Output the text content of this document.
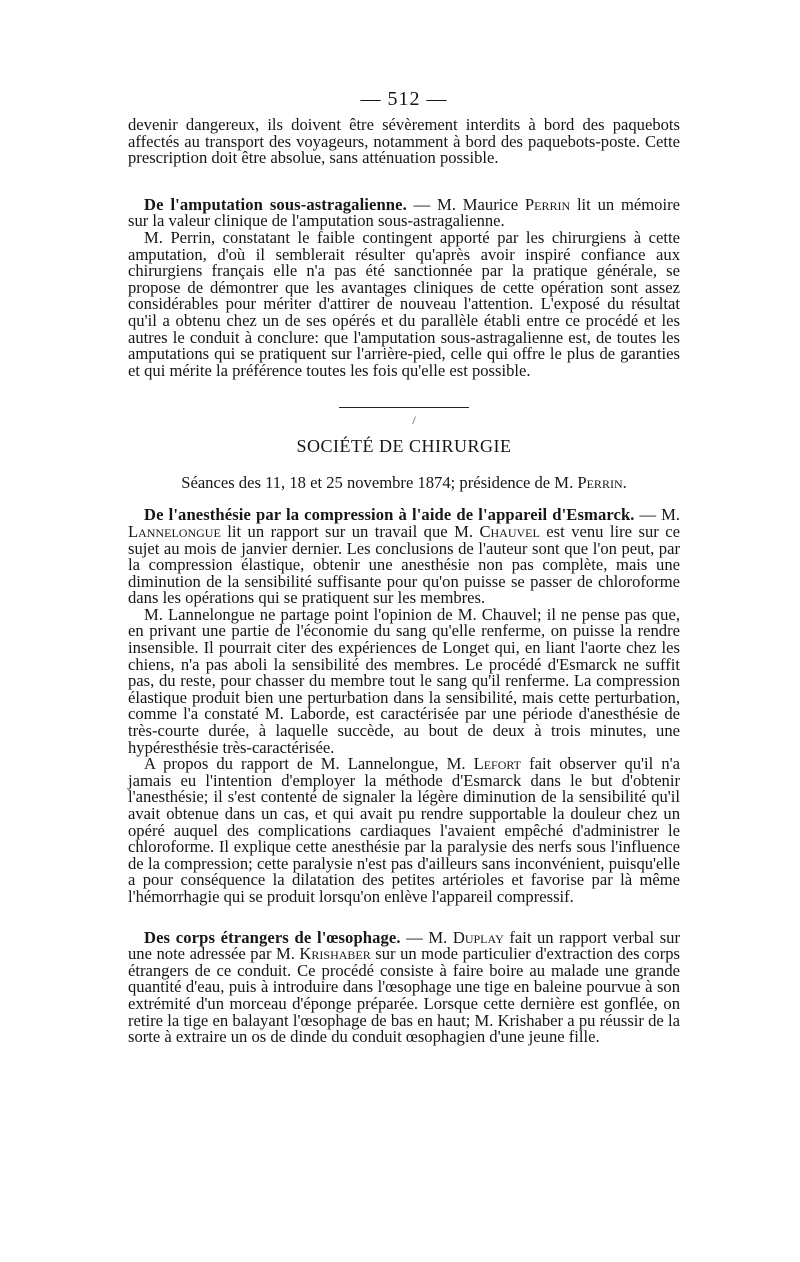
— 512 —

devenir dangereux, ils doivent être sévèrement interdits à bord des paquebots affectés au transport des voyageurs, notamment à bord des paquebots-poste. Cette prescription doit être absolue, sans atténuation possible.

De l'amputation sous-astragalienne. — M. Maurice Perrin lit un mémoire sur la valeur clinique de l'amputation sous-astragalienne.

M. Perrin, constatant le faible contingent apporté par les chirurgiens à cette amputation, d'où il semblerait résulter qu'après avoir inspiré confiance aux chirurgiens français elle n'a pas été sanctionnée par la pratique générale, se propose de démontrer que les avantages cliniques de cette opération sont assez considérables pour mériter d'attirer de nouveau l'attention. L'exposé du résultat qu'il a obtenu chez un de ses opérés et du parallèle établi entre ce procédé et les autres le conduit à conclure: que l'amputation sous-astragalienne est, de toutes les amputations qui se pratiquent sur l'arrière-pied, celle qui offre le plus de garanties et qui mérite la préférence toutes les fois qu'elle est possible.

/
SOCIÉTÉ DE CHIRURGIE
Séances des 11, 18 et 25 novembre 1874; présidence de M. Perrin.

De l'anesthésie par la compression à l'aide de l'appareil d'Esmarck. — M. Lannelongue lit un rapport sur un travail que M. Chauvel est venu lire sur ce sujet au mois de janvier dernier. Les conclusions de l'auteur sont que l'on peut, par la compression élastique, obtenir une anesthésie non pas complète, mais une diminution de la sensibilité suffisante pour qu'on puisse se passer de chloroforme dans les opérations qui se pratiquent sur les membres.

M. Lannelongue ne partage point l'opinion de M. Chauvel; il ne pense pas que, en privant une partie de l'économie du sang qu'elle renferme, on puisse la rendre insensible. Il pourrait citer des expériences de Longet qui, en liant l'aorte chez les chiens, n'a pas aboli la sensibilité des membres. Le procédé d'Esmarck ne suffit pas, du reste, pour chasser du membre tout le sang qu'il renferme. La compression élastique produit bien une perturbation dans la sensibilité, mais cette perturbation, comme l'a constaté M. Laborde, est caractérisée par une période d'anesthésie de très-courte durée, à laquelle succède, au bout de deux à trois minutes, une hypéresthésie très-caractérisée.

A propos du rapport de M. Lannelongue, M. Lefort fait observer qu'il n'a jamais eu l'intention d'employer la méthode d'Esmarck dans le but d'obtenir l'anesthésie; il s'est contenté de signaler la légère diminution de la sensibilité qu'il avait obtenue dans un cas, et qui avait pu rendre supportable la douleur chez un opéré auquel des complications cardiaques l'avaient empêché d'administrer le chloroforme. Il explique cette anesthésie par la paralysie des nerfs sous l'influence de la compression; cette paralysie n'est pas d'ailleurs sans inconvénient, puisqu'elle a pour conséquence la dilatation des petites artérioles et favorise par là même l'hémorrhagie qui se produit lorsqu'on enlève l'appareil compressif.

Des corps étrangers de l'œsophage. — M. Duplay fait un rapport verbal sur une note adressée par M. Krishaber sur un mode particulier d'extraction des corps étrangers de ce conduit. Ce procédé consiste à faire boire au malade une grande quantité d'eau, puis à introduire dans l'œsophage une tige en baleine pourvue à son extrémité d'un morceau d'éponge préparée. Lorsque cette dernière est gonflée, on retire la tige en balayant l'œsophage de bas en haut; M. Krishaber a pu réussir de la sorte à extraire un os de dinde du conduit œsophagien d'une jeune fille.
